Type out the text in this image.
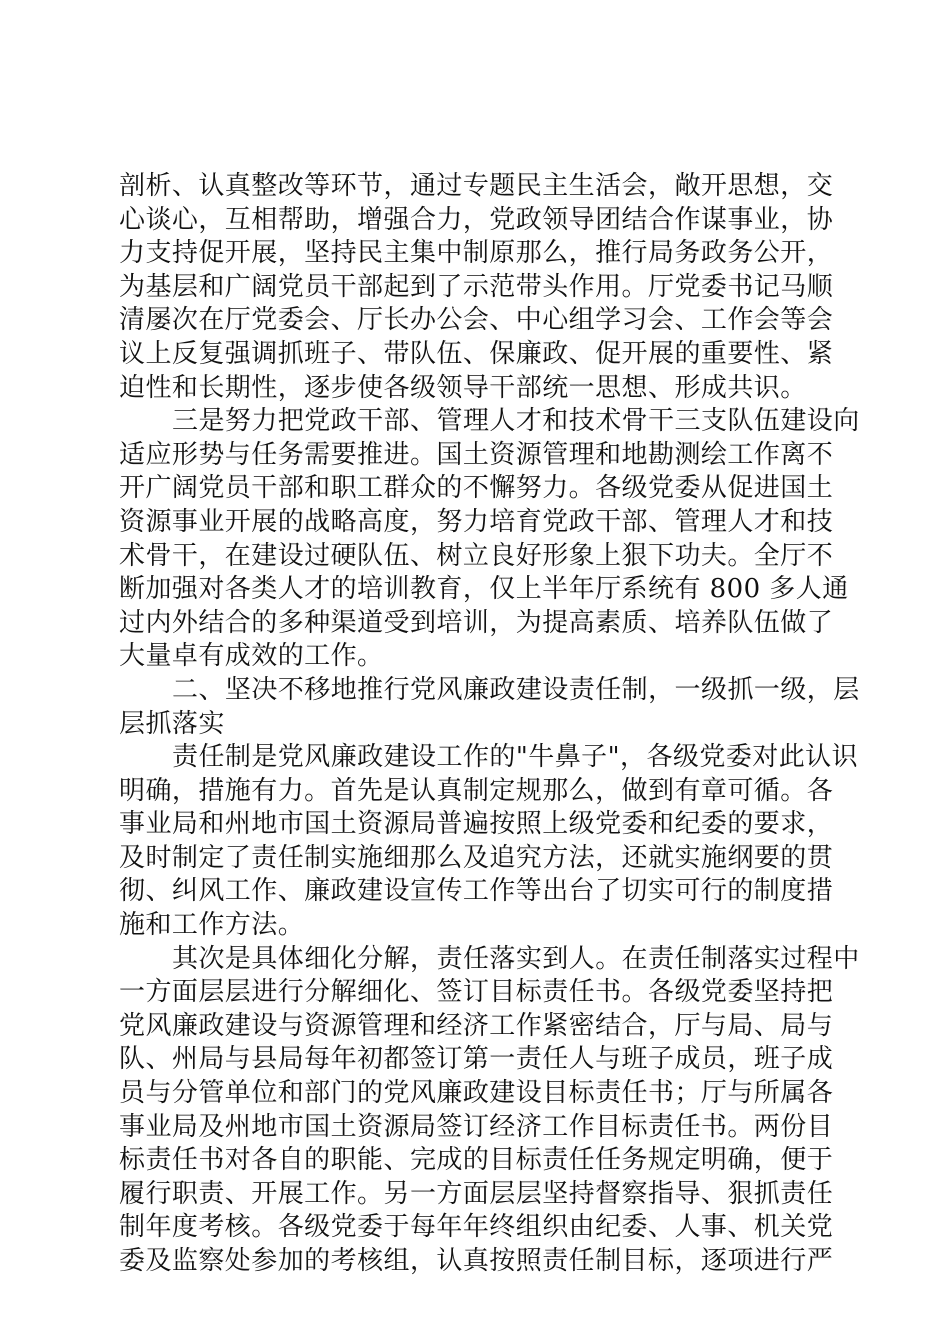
剖析、认真整改等环节，通过专题民主生活会，敞开思想，交
心谈心，互相帮助，增强合力，党政领导团结合作谋事业，协
力支持促开展，坚持民主集中制原那么，推行局务政务公开，
为基层和广阔党员干部起到了示范带头作用。厅党委书记马顺
清屡次在厅党委会、厅长办公会、中心组学习会、工作会等会
议上反复强调抓班子、带队伍、保廉政、促开展的重要性、紧
迫性和长期性，逐步使各级领导干部统一思想、形成共识。
三是努力把党政干部、管理人才和技术骨干三支队伍建设向
适应形势与任务需要推进。国土资源管理和地勘测绘工作离不
开广阔党员干部和职工群众的不懈努力。各级党委从促进国土
资源事业开展的战略高度，努力培育党政干部、管理人才和技
术骨干，在建设过硬队伍、树立良好形象上狠下功夫。全厅不
断加强对各类人才的培训教育，仅上半年厅系统有 800 多人通
过内外结合的多种渠道受到培训，为提高素质、培养队伍做了
大量卓有成效的工作。
二、坚决不移地推行党风廉政建设责任制，一级抓一级，层
层抓落实
责任制是党风廉政建设工作的"牛鼻子"，各级党委对此认识
明确，措施有力。首先是认真制定规那么，做到有章可循。各
事业局和州地市国土资源局普遍按照上级党委和纪委的要求，
及时制定了责任制实施细那么及追究方法，还就实施纲要的贯
彻、纠风工作、廉政建设宣传工作等出台了切实可行的制度措
施和工作方法。
其次是具体细化分解，责任落实到人。在责任制落实过程中
一方面层层进行分解细化、签订目标责任书。各级党委坚持把
党风廉政建设与资源管理和经济工作紧密结合，厅与局、局与
队、州局与县局每年初都签订第一责任人与班子成员，班子成
员与分管单位和部门的党风廉政建设目标责任书；厅与所属各
事业局及州地市国土资源局签订经济工作目标责任书。两份目
标责任书对各自的职能、完成的目标责任任务规定明确，便于
履行职责、开展工作。另一方面层层坚持督察指导、狠抓责任
制年度考核。各级党委于每年年终组织由纪委、人事、机关党
委及监察处参加的考核组，认真按照责任制目标，逐项进行严
